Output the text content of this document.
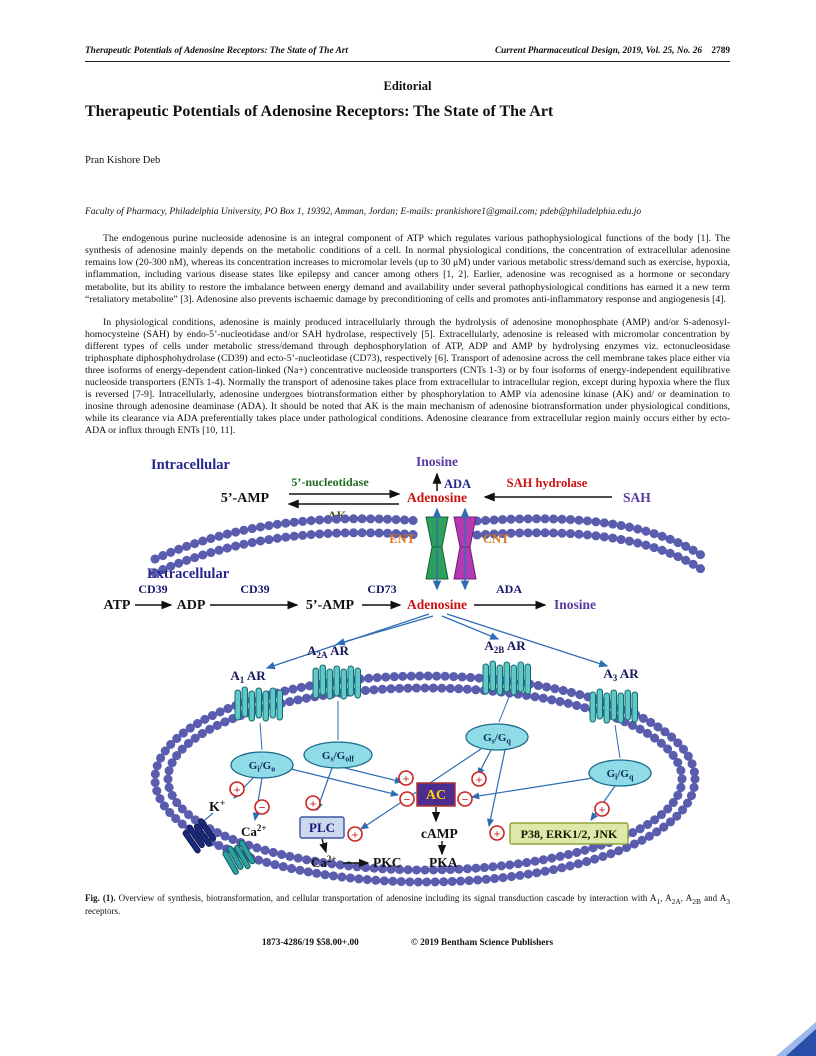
Therapeutic Potentials of Adenosine Receptors: The State of The Art	Current Pharmaceutical Design, 2019, Vol. 25, No. 26 2789
Editorial
Therapeutic Potentials of Adenosine Receptors: The State of The Art
Pran Kishore Deb
Faculty of Pharmacy, Philadelphia University, PO Box 1, 19392, Amman, Jordan; E-mails: prankishore1@gmail.com; pdeb@philadelphia.edu.jo

The endogenous purine nucleoside adenosine is an integral component of ATP which regulates various pathophysiological functions of the body [1]. The synthesis of adenosine mainly depends on the metabolic conditions of a cell. In normal physiological conditions, the concentration of extracellular adenosine remains low (20-300 nM), whereas its concentration increases to micromolar levels (up to 30 μM) under various metabolic stress/demand such as exercise, hypoxia, inflammation, including various disease states like epilepsy and cancer among others [1, 2]. Earlier, adenosine was recognised as a hormone or secondary metabolite, but its ability to restore the imbalance between energy demand and availability under several pathophysiological conditions has earned it a new term “retaliatory metabolite” [3]. Adenosine also prevents ischaemic damage by preconditioning of cells and promotes anti-inflammatory response and angiogenesis [4].

In physiological conditions, adenosine is mainly produced intracellularly through the hydrolysis of adenosine monophosphate (AMP) and/or S-adenosyl-homocysteine (SAH) by endo-5’-nucleotidase and/or SAH hydrolase, respectively [5]. Extracellularly, adenosine is released with micromolar concentration by different types of cells under metabolic stress/demand through dephosphorylation of ATP, ADP and AMP by hydrolysing enzymes viz. ectonucleosidase triphosphate diphosphohydrolase (CD39) and ecto-5’-nucleotidase (CD73), respectively [6]. Transport of adenosine across the cell membrane takes place either via three isoforms of energy-dependent cation-linked (Na+) concentrative nucleoside transporters (CNTs 1-3) or by four isoforms of energy-independent equilibrative nucleoside transporters (ENTs 1-4). Normally the transport of adenosine takes place from extracellular to intracellular region, except during hypoxia where the flux is reversed [7-9]. Intracellularly, adenosine undergoes biotransformation either by phosphorylation to AMP via adenosine kinase (AK) and/ or deamination to inosine through adenosine deaminase (ADA). It should be noted that AK is the main mechanism of adenosine biotransformation under physiological conditions, while its clearance via ADA preferentially takes place under pathological conditions. Adenosine clearance from extracellular region mainly occurs either by ecto-ADA or influx through ENTs [10, 11].

Intracellular	Inosine
ADA
5’-nucleotidase
5’-AMP
AK
Adenosine
SAH hydrolase
SAH
ENT	CNT
Extracellular
ATP
CD39
ADP
CD39
5’-AMP
CD73
Adenosine
ADA
Inosine
$A_1$ AR
$A_{2A}$ AR	$A_{2B}$ AR
$A_3$ AR
$G_i/G_o$
$G_s/G_{olf}$
$G_s/G_q$
$G_i/G_q$
AC
PLC	P38, ERK1/2, JNK
K+
$Ca^{2+}$	cAMP
$Ca^{2+}$	PKC PKA
+
−	+	−
+
−
+
+	+
+

Fig. (1). Overview of synthesis, biotransformation, and cellular transportation of adenosine including its signal transduction cascade by interaction with $A_1$, $A_{2A}$, $A_{2B}$ and $A_3$ receptors.

1873-4286/19 $58.00+.00	© 2019 Bentham Science Publishers
